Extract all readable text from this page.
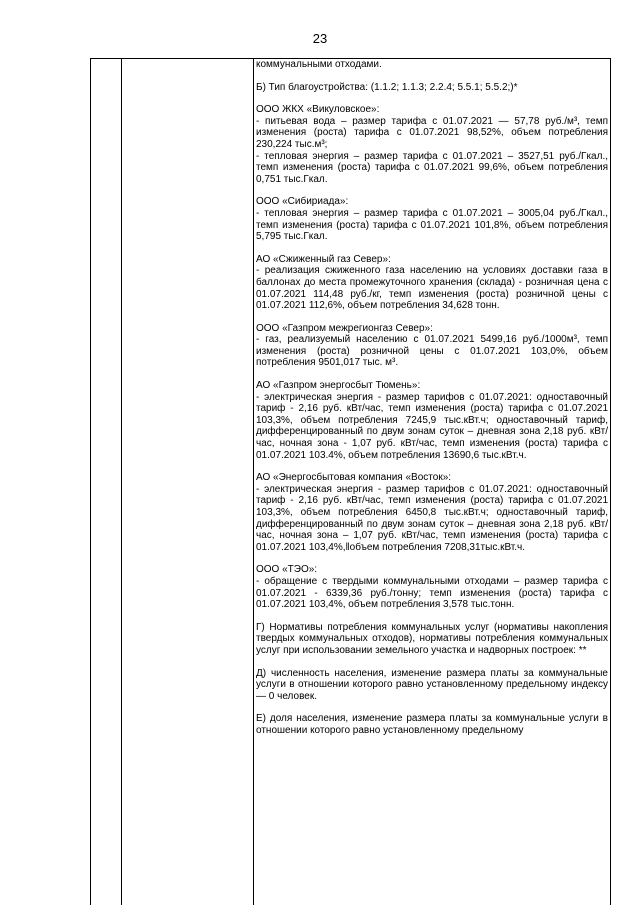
23

коммунальными отходами.

Б) Тип благоустройства: (1.1.2; 1.1.3; 2.2.4; 5.5.1; 5.5.2;)*

ООО ЖКХ «Викуловское»:

- питьевая вода – размер тарифа с 01.07.2021 — 57,78 руб./м³, темп изменения (роста) тарифа с 01.07.2021 98,52%, объем потребления 230,224 тыс.м³;

- тепловая энергия – размер тарифа с 01.07.2021 – 3527,51 руб./Гкал., темп изменения (роста) тарифа с 01.07.2021 99,6%, объем потребления 0,751 тыс.Гкал.

ООО «Сибириада»:

- тепловая энергия – размер тарифа с 01.07.2021 – 3005,04 руб./Гкал., темп изменения (роста) тарифа с 01.07.2021 101,8%, объем потребления 5,795 тыс.Гкал.

АО «Сжиженный газ Север»:

- реализация сжиженного газа населению на условиях доставки газа в баллонах до места промежуточного хранения (склада) - розничная цена с 01.07.2021 114,48 руб./кг, темп изменения (роста) розничной цены с 01.07.2021 112,6%, объем потребления 34,628 тонн.

ООО «Газпром межрегионгаз Север»:

- газ, реализуемый населению с 01.07.2021 5499,16 руб./1000м³, темп изменения (роста) розничной цены с 01.07.2021 103,0%, объем потребления 9501,017 тыс. м³.

АО «Газпром энергосбыт Тюмень»:

- электрическая энергия - размер тарифов с 01.07.2021: одноставочный тариф - 2,16 руб. кВт/час, темп изменения (роста) тарифа с 01.07.2021 103,3%, объем потребления 7245,9 тыс.кВт.ч; одноставочный тариф, дифференцированный по двум зонам суток – дневная зона 2,18 руб. кВт/час, ночная зона - 1,07 руб. кВт/час, темп изменения (роста) тарифа с 01.07.2021 103.4%, объем потребления 13690,6 тыс.кВт.ч.

АО «Энергосбытовая компания «Восток»:

- электрическая энергия - размер тарифов с 01.07.2021: одноставочный тариф - 2,16 руб. кВт/час, темп изменения (роста) тарифа с 01.07.2021 103,3%, объем потребления 6450,8 тыс.кВт.ч; одноставочный тариф, дифференцированный по двум зонам суток – дневная зона 2,18 руб. кВт/час, ночная зона – 1,07 руб. кВт/час, темп изменения (роста) тарифа с 01.07.2021 103,4%,‖объем потребления 7208,31тыс.кВт.ч.

ООО «ТЭО»:

- обращение с твердыми коммунальными отходами – размер тарифа с 01.07.2021 - 6339,36 руб./тонну; темп изменения (роста) тарифа с 01.07.2021 103,4%, объем потребления 3,578 тыс.тонн.

Г) Нормативы потребления коммунальных услуг (нормативы накопления твердых коммунальных отходов), нормативы потребления коммунальных услуг при использовании земельного участка и надворных построек: **

Д) численность населения, изменение размера платы за коммунальные услуги в отношении которого равно установленному предельному индексу — 0 человек.

Е) доля населения, изменение размера платы за коммунальные услуги в отношении которого равно установленному предельному
